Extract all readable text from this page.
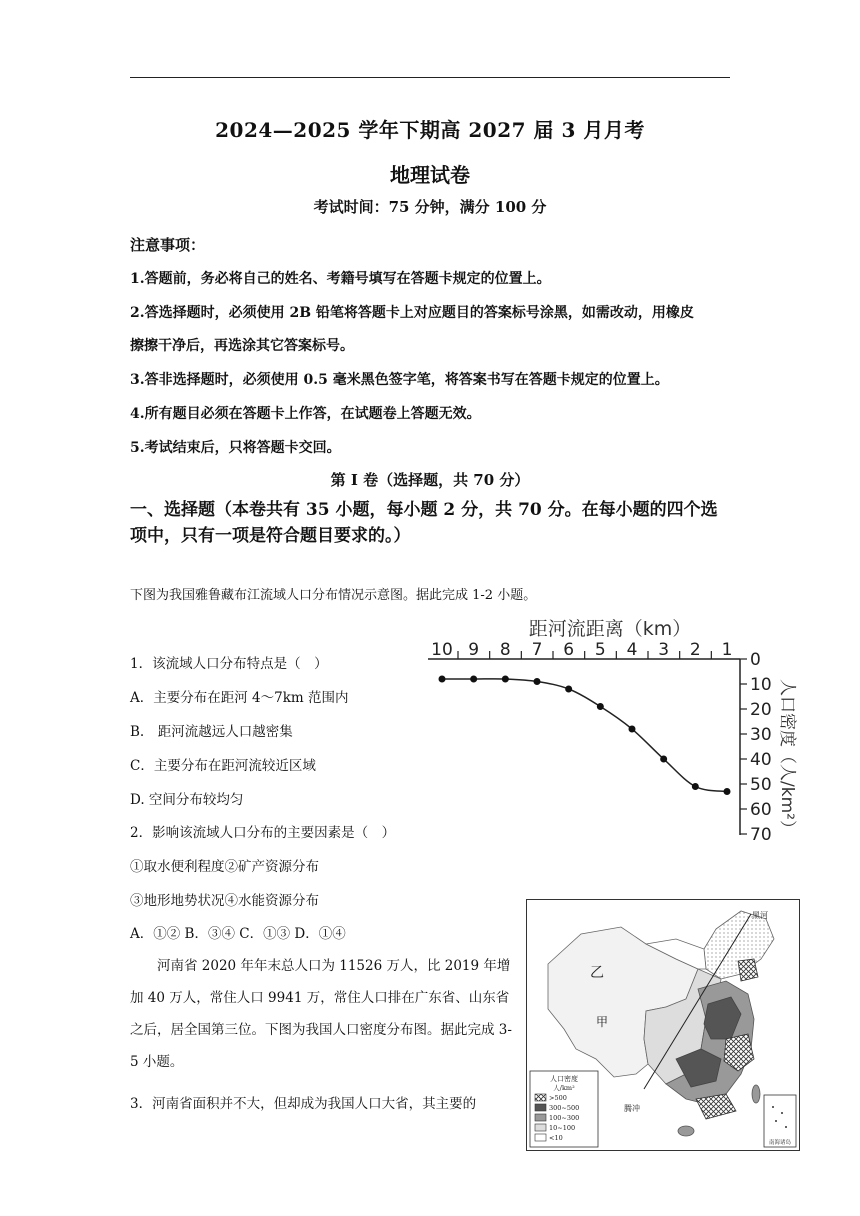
2024—2025 学年下期高 2027 届 3 月月考
地理试卷
考试时间：75 分钟，满分 100 分
注意事项：
1.答题前，务必将自己的姓名、考籍号填写在答题卡规定的位置上。
2.答选择题时，必须使用 2B 铅笔将答题卡上对应题目的答案标号涂黑，如需改动，用橡皮
擦擦干净后，再选涂其它答案标号。
3.答非选择题时，必须使用 0.5 毫米黑色签字笔，将答案书写在答题卡规定的位置上。
4.所有题目必须在答题卡上作答，在试题卷上答题无效。
5.考试结束后，只将答题卡交回。
第 I 卷（选择题，共 70 分）
一、选择题（本卷共有 35 小题，每小题 2 分，共 70 分。在每小题的四个选项中，只有一项是符合题目要求的。）
下图为我国雅鲁藏布江流域人口分布情况示意图。据此完成 1-2 小题。
1．该流域人口分布特点是（　）
A．主要分布在距河 4～7km 范围内
B.　距河流越远人口越密集
C．主要分布在距河流较近区域
D. 空间分布较均匀
2．影响该流域人口分布的主要因素是（　）
①取水便利程度②矿产资源分布
③地形地势状况④水能资源分布
A．①② B．③④ C．①③ D．①④
河南省 2020 年年末总人口为 11526 万人，比 2019 年增加 40 万人，常住人口 9941 万，常住人口排在广东省、山东省之后，居全国第三位。下图为我国人口密度分布图。据此完成 3-5 小题。
3．河南省面积并不大，但却成为我国人口大省，其主要的
距河流距离（km）
10 9 8 7 6 5 4 3 2 1 0
10
20
30
40
50
60
70 人口密度（人/km²）
黑河
乙
甲
腾冲
人口密度
人/km²
>500
300~500
100~300
10~100
<10
南海诸岛
